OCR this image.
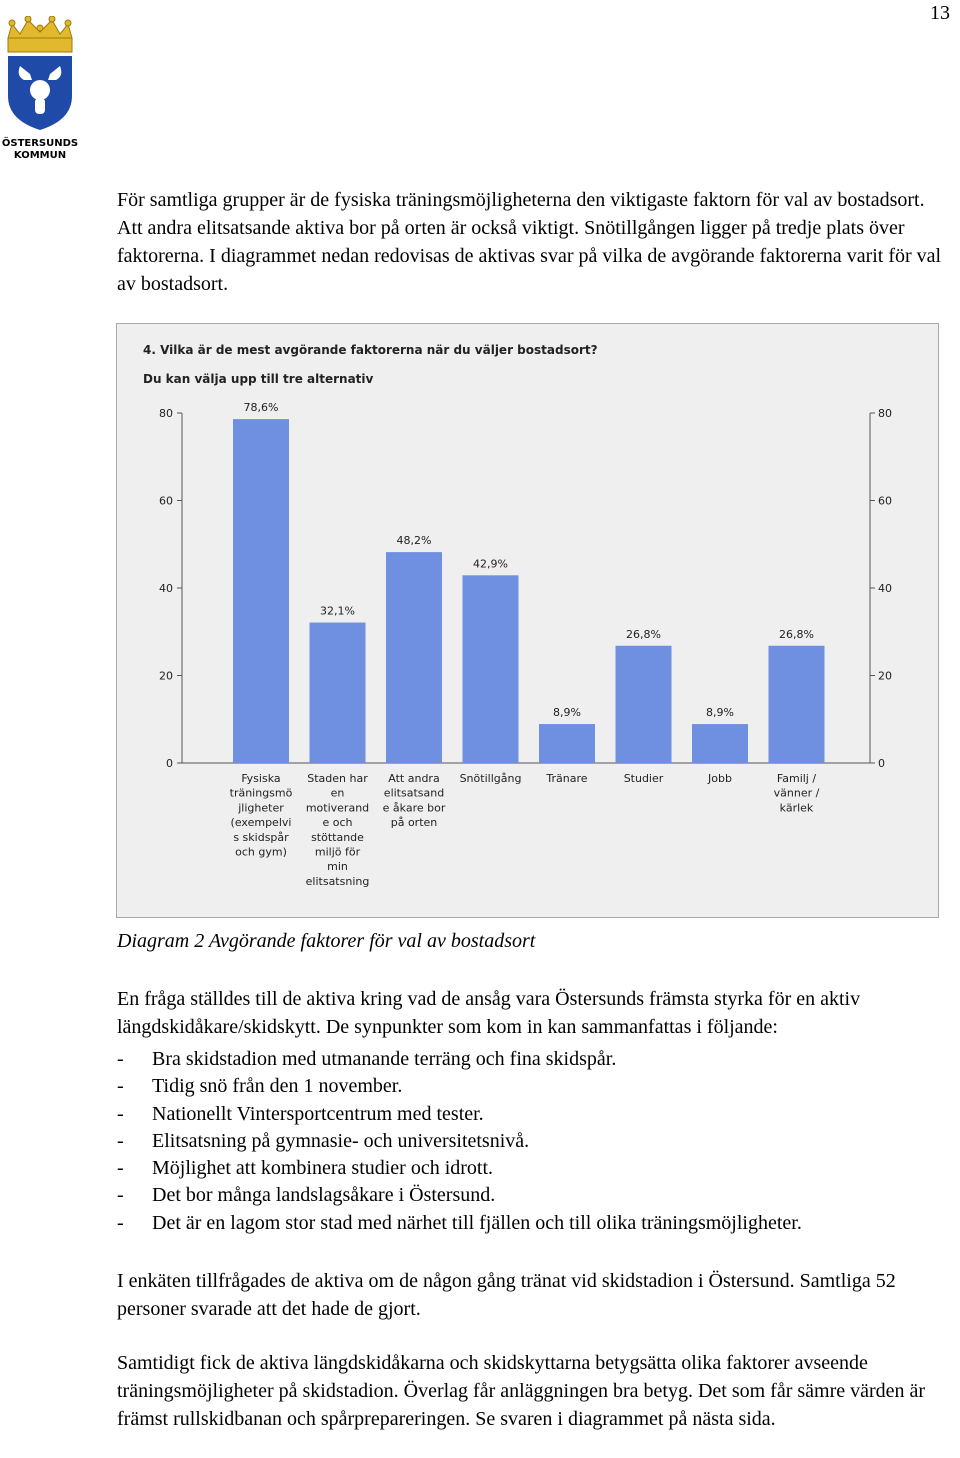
13
ÖSTERSUNDS
KOMMUN

För samtliga grupper är de fysiska träningsmöjligheterna den viktigaste faktorn för val av bostadsort. Att andra elitsatsande aktiva bor på orten är också viktigt. Snötillgången ligger på tredje plats över faktorerna. I diagrammet nedan redovisas de aktivas svar på vilka de avgörande faktorerna varit för val av bostadsort.

4. Vilka är de mest avgörande faktorerna när du väljer bostadsort?
Du kan välja upp till tre alternativ
0	0
20	20
40	40
60	60
80	80
78,6%
Fysiska
träningsmö
jligheter
(exempelvi
s skidspår
och gym)
32,1%
Staden har
en
motiverand
e och
stöttande
miljö för
min
elitsatsning
48,2%
Att andra
elitsatsand
e åkare bor
på orten
42,9%
Snötillgång
8,9%
Tränare
26,8%
Studier
8,9%
Jobb
26,8%
Familj /
vänner /
kärlek
Diagram 2 Avgörande faktorer för val av bostadsort

En fråga ställdes till de aktiva kring vad de ansåg vara Östersunds främsta styrka för en aktiv längdskidåkare/skidskytt. De synpunkter som kom in kan sammanfattas i följande:

- Bra skidstadion med utmanande terräng och fina skidspår.
- Tidig snö från den 1 november.
- Nationellt Vintersportcentrum med tester.
- Elitsatsning på gymnasie- och universitetsnivå.
- Möjlighet att kombinera studier och idrott.
- Det bor många landslagsåkare i Östersund.
- Det är en lagom stor stad med närhet till fjällen och till olika träningsmöjligheter.

I enkäten tillfrågades de aktiva om de någon gång tränat vid skidstadion i Östersund. Samtliga 52 personer svarade att det hade de gjort.

Samtidigt fick de aktiva längdskidåkarna och skidskyttarna betygsätta olika faktorer avseende träningsmöjligheter på skidstadion. Överlag får anläggningen bra betyg. Det som får sämre värden är främst rullskidbanan och spårprepareringen. Se svaren i diagrammet på nästa sida.
